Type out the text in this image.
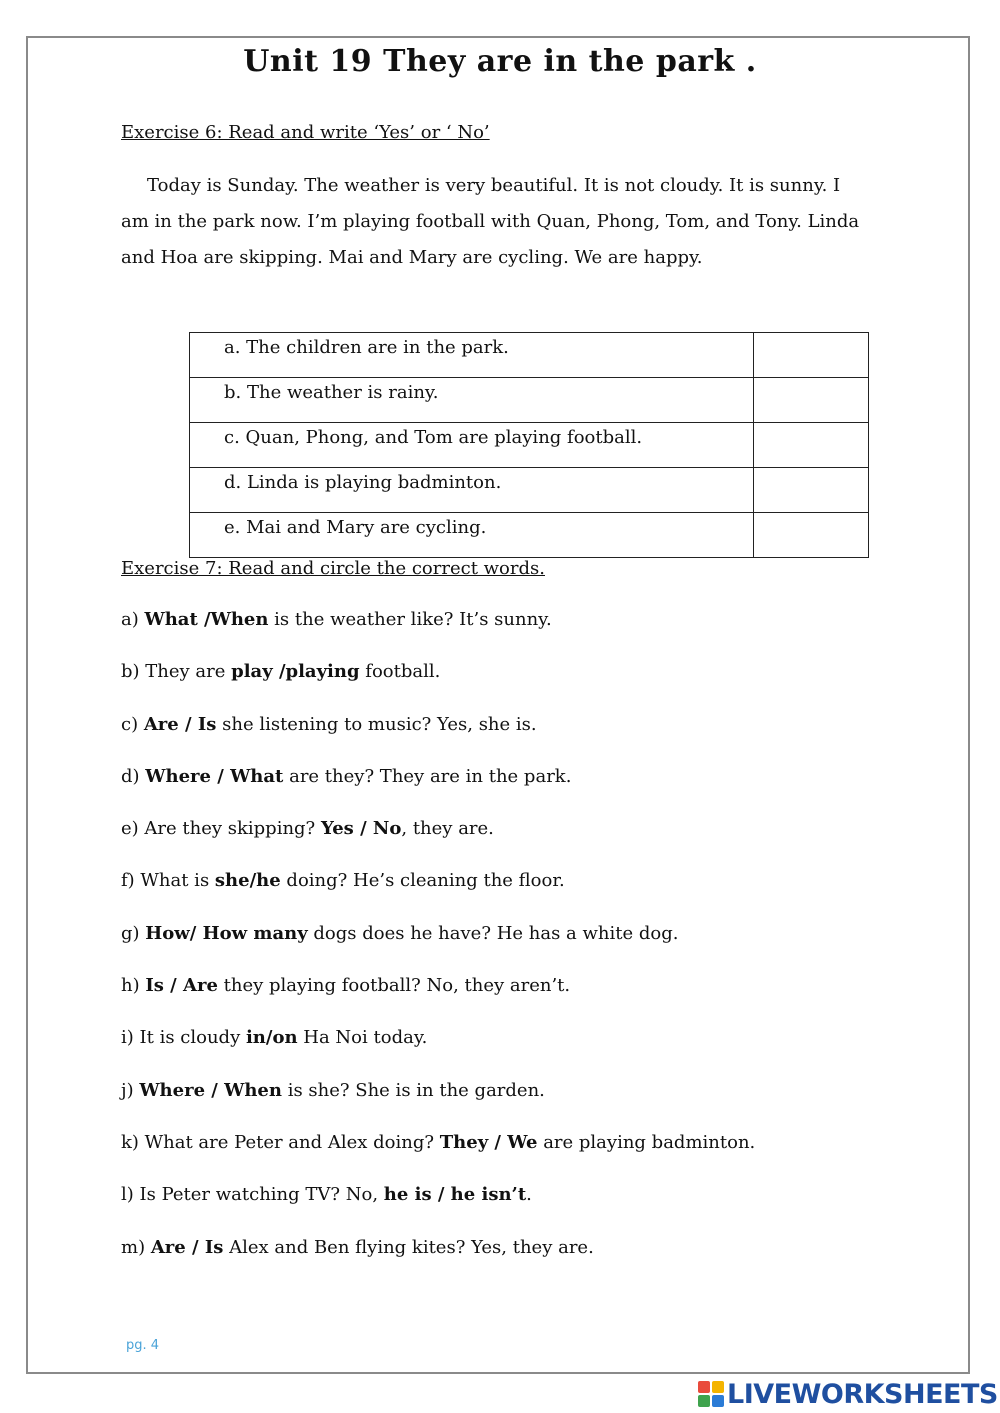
Unit 19 They are in the park .

Exercise 6: Read and write ‘Yes’ or ‘ No’

Today is Sunday. The weather is very beautiful. It is not cloudy. It is sunny. I am in the park now. I’m playing football with Quan, Phong, Tom, and Tony. Linda and Hoa are skipping. Mai and Mary are cycling. We are happy.

a. The children are in the park.	
b. The weather is rainy.	
c. Quan, Phong, and Tom are playing football.	
d. Linda is playing badminton.	
e. Mai and Mary are cycling.	

Exercise 7: Read and circle the correct words.

a) What /When is the weather like? It’s sunny.
b) They are play /playing football.
c) Are / Is she listening to music? Yes, she is.
d) Where / What are they? They are in the park.
e) Are they skipping? Yes / No, they are.
f) What is she/he doing? He’s cleaning the floor.
g) How/ How many dogs does he have? He has a white dog.
h) Is / Are they playing football? No, they aren’t.
i) It is cloudy in/on Ha Noi today.
j) Where / When is she? She is in the garden.
k) What are Peter and Alex doing? They / We are playing badminton.
l) Is Peter watching TV? No, he is / he isn’t.
m) Are / Is Alex and Ben flying kites? Yes, they are.
pg. 4
LIVEWORKSHEETS
